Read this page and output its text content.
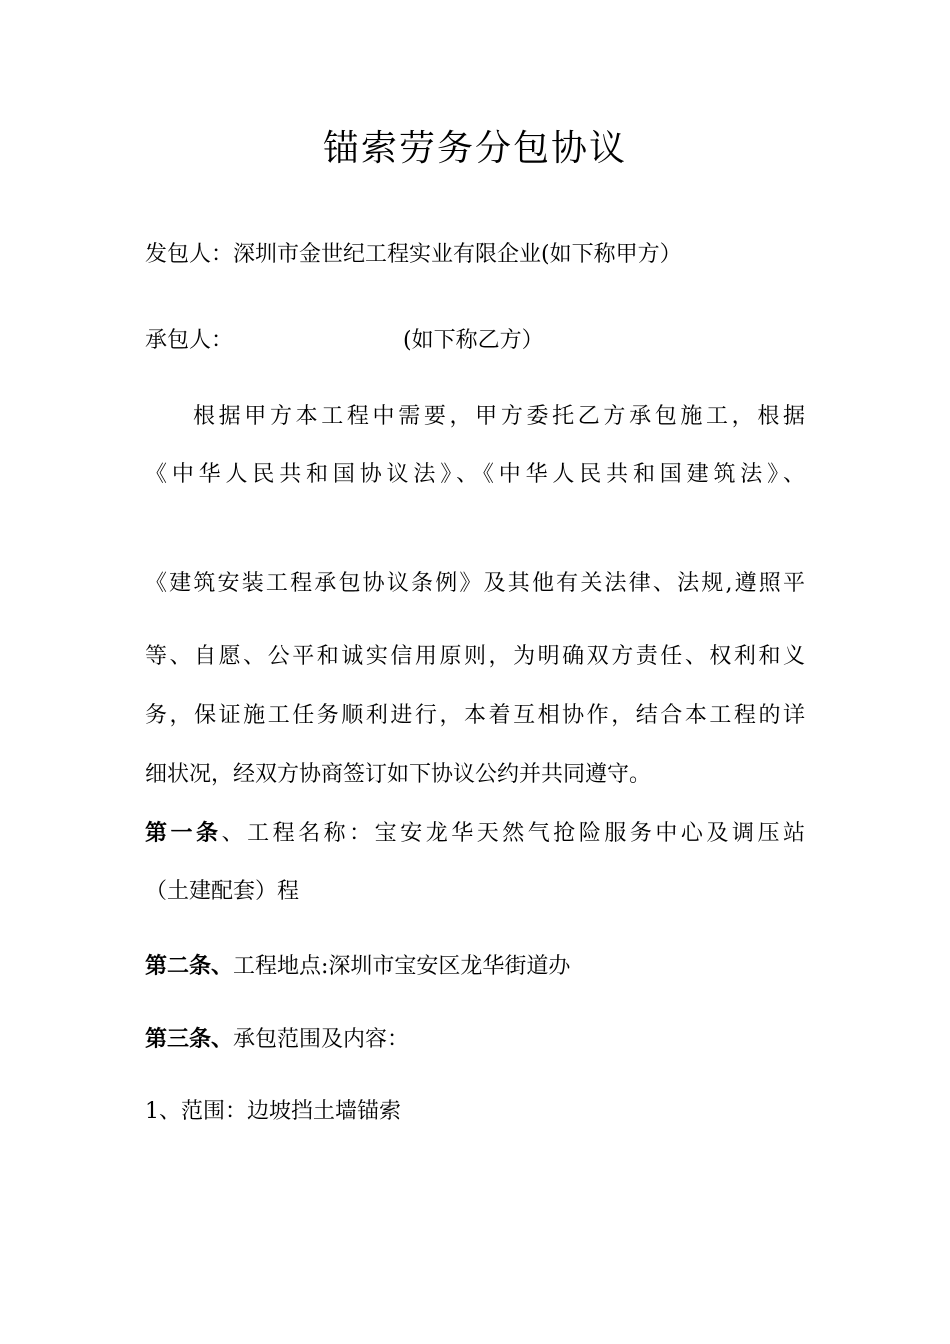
锚索劳务分包协议
发包人：深圳市金世纪工程实业有限企业(如下称甲方）
承包人：	(如下称乙方）
根据甲方本工程中需要，甲方委托乙方承包施工，根据
《中华人民共和国协议法》、《中华人民共和国建筑法》、
《建筑安装工程承包协议条例》及其他有关法律、法规,遵照平
等、自愿、公平和诚实信用原则，为明确双方责任、权利和义
务，保证施工任务顺利进行，本着互相协作，结合本工程的详
细状况，经双方协商签订如下协议公约并共同遵守。
第一条、工程名称：宝安龙华天然气抢险服务中心及调压站
（土建配套）程
第二条、工程地点:深圳市宝安区龙华街道办
第三条、承包范围及内容：
1、范围：边坡挡土墙锚索
